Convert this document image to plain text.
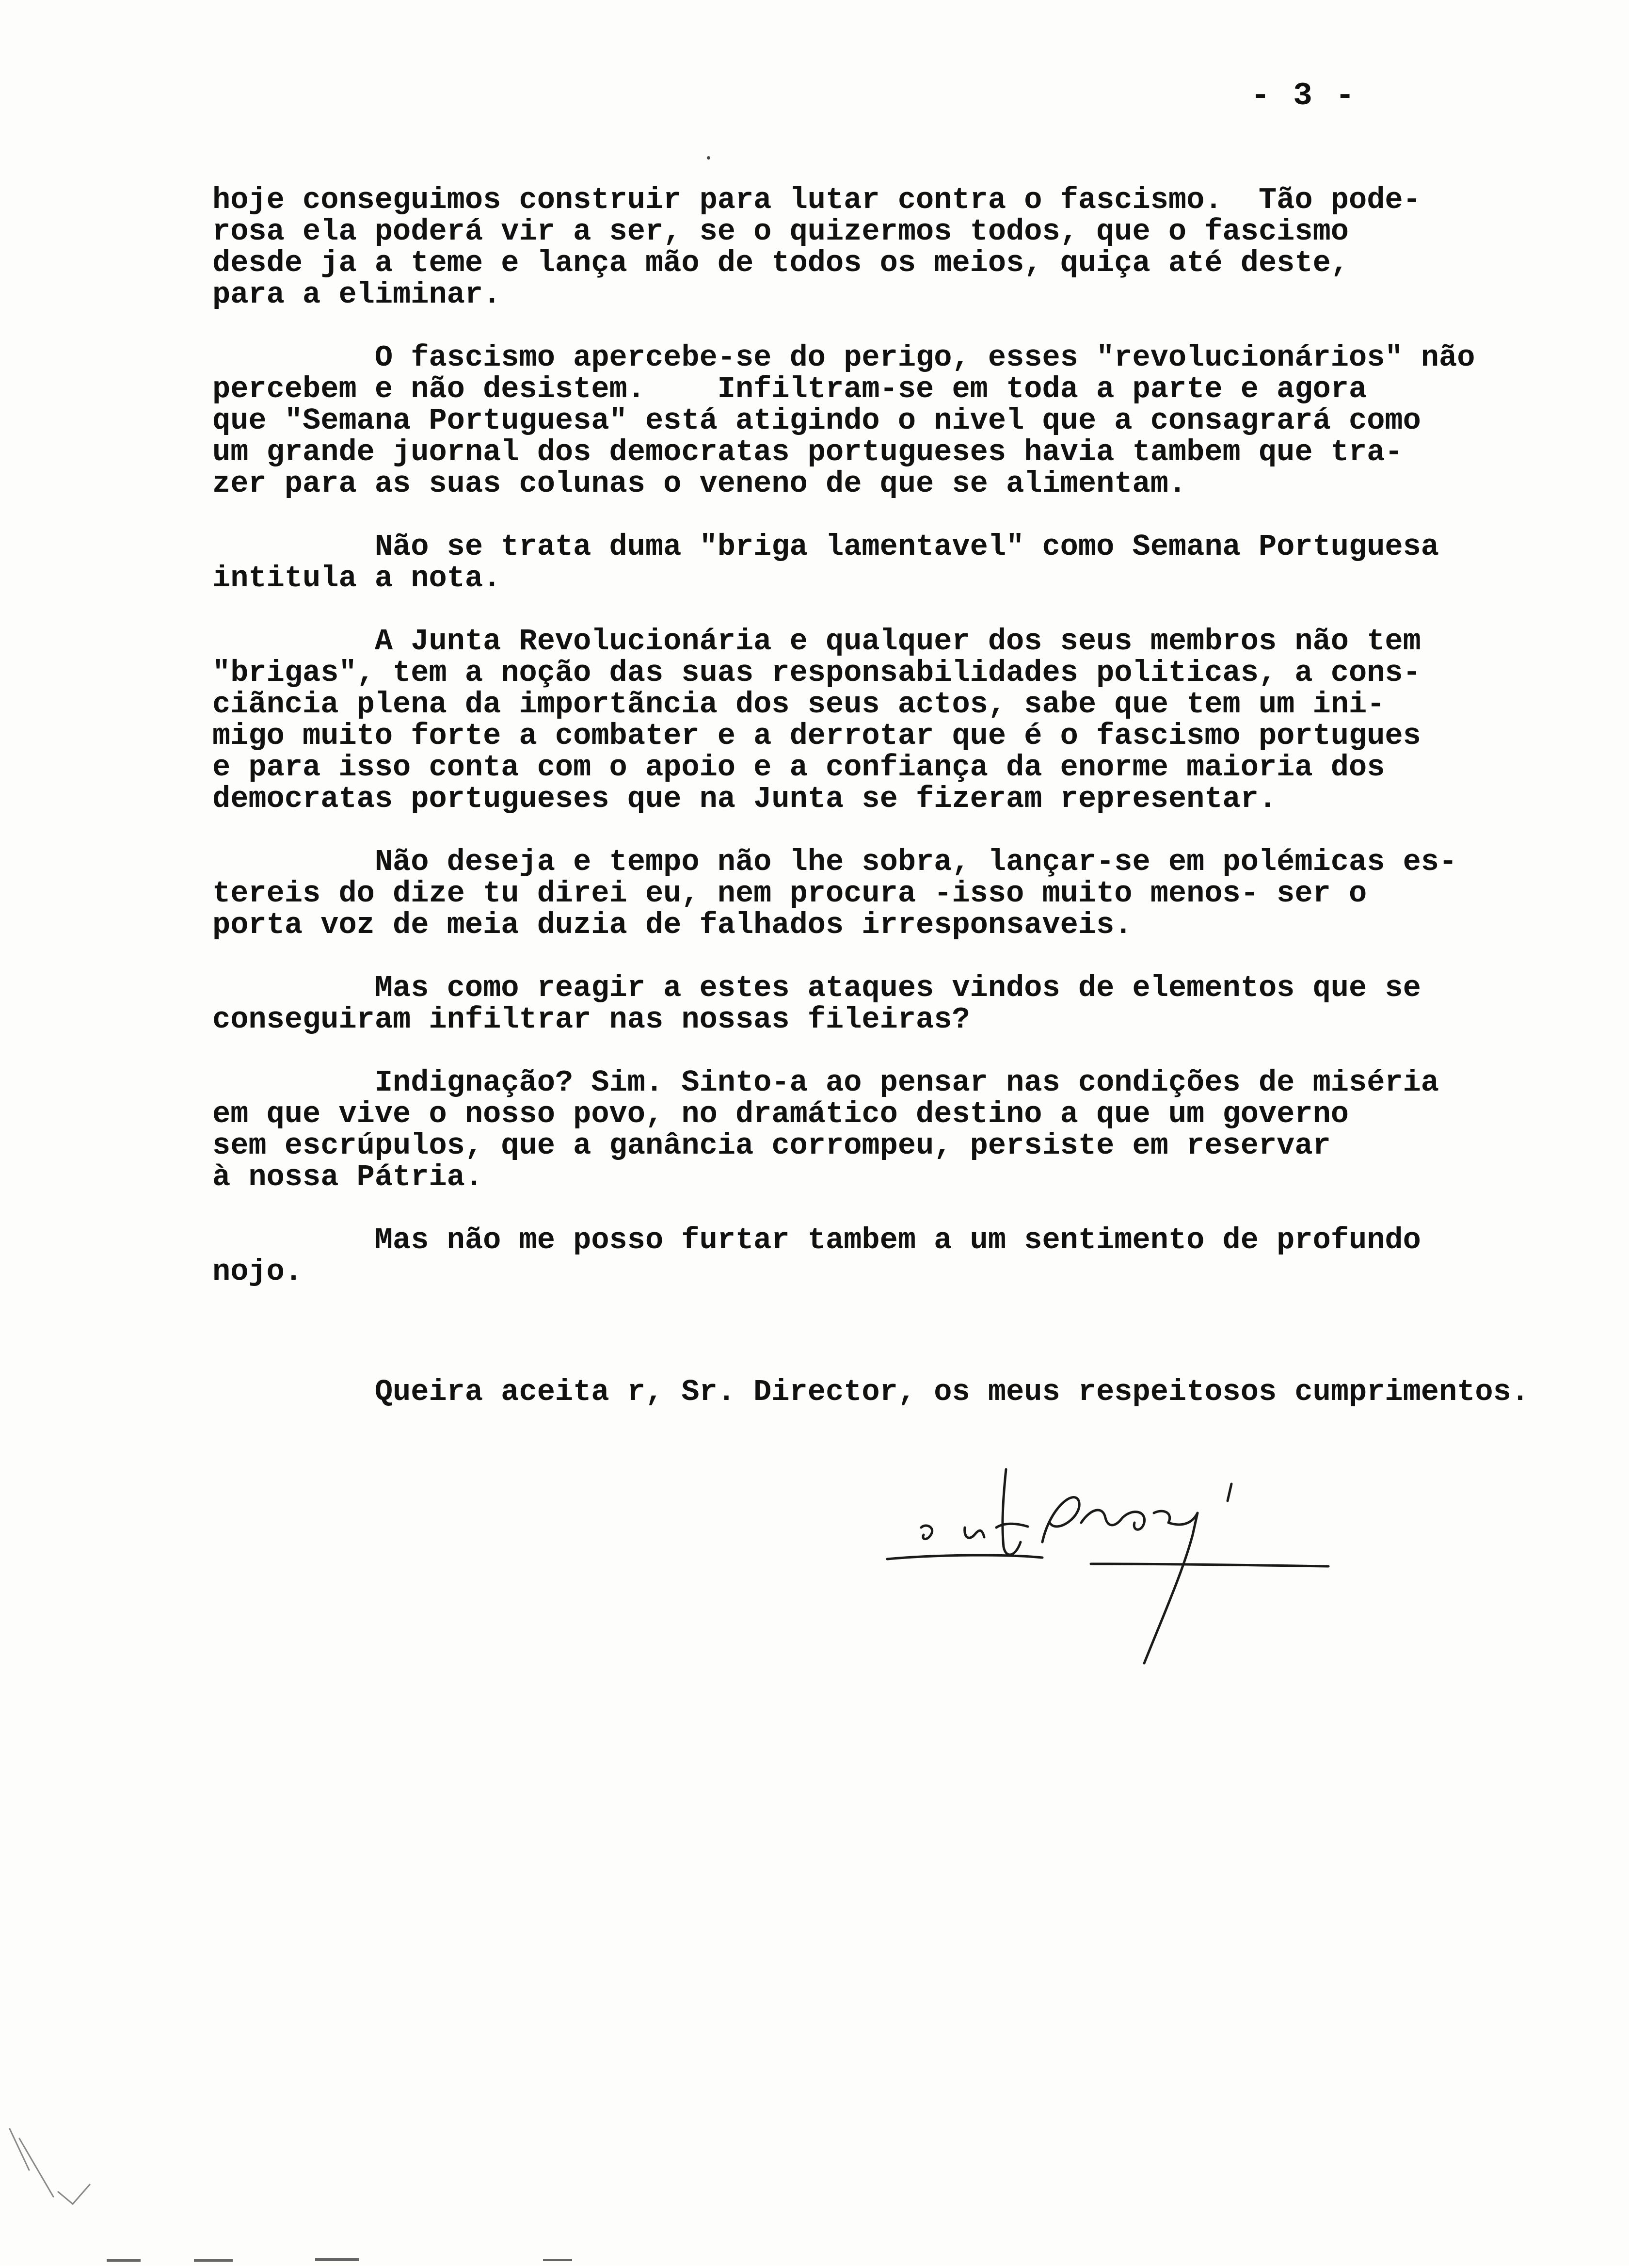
- 3 -
hoje conseguimos construir para lutar contra o fascismo.  Tão pode-
rosa ela poderá vir a ser, se o quizermos todos, que o fascismo
desde ja a teme e lança mão de todos os meios, quiça até deste,
para a eliminar.
O fascismo apercebe-se do perigo, esses "revolucionários" não
percebem e não desistem.    Infiltram-se em toda a parte e agora
que "Semana Portuguesa" está atigindo o nivel que a consagrará como
um grande juornal dos democratas portugueses havia tambem que tra-
zer para as suas colunas o veneno de que se alimentam.
Não se trata duma "briga lamentavel" como Semana Portuguesa
intitula a nota.
A Junta Revolucionária e qualquer dos seus membros não tem
"brigas", tem a noção das suas responsabilidades politicas, a cons-
ciãncia plena da importãncia dos seus actos, sabe que tem um ini-
migo muito forte a combater e a derrotar que é o fascismo portugues
e para isso conta com o apoio e a confiança da enorme maioria dos
democratas portugueses que na Junta se fizeram representar.
Não deseja e tempo não lhe sobra, lançar-se em polémicas es-
tereis do dize tu direi eu, nem procura -isso muito menos- ser o
porta voz de meia duzia de falhados irresponsaveis.
Mas como reagir a estes ataques vindos de elementos que se
conseguiram infiltrar nas nossas fileiras?
Indignação? Sim. Sinto-a ao pensar nas condições de miséria
em que vive o nosso povo, no dramático destino a que um governo
sem escrúpulos, que a ganância corrompeu, persiste em reservar
à nossa Pátria.
Mas não me posso furtar tambem a um sentimento de profundo
nojo.
Queira aceita r, Sr. Director, os meus respeitosos cumprimentos.
